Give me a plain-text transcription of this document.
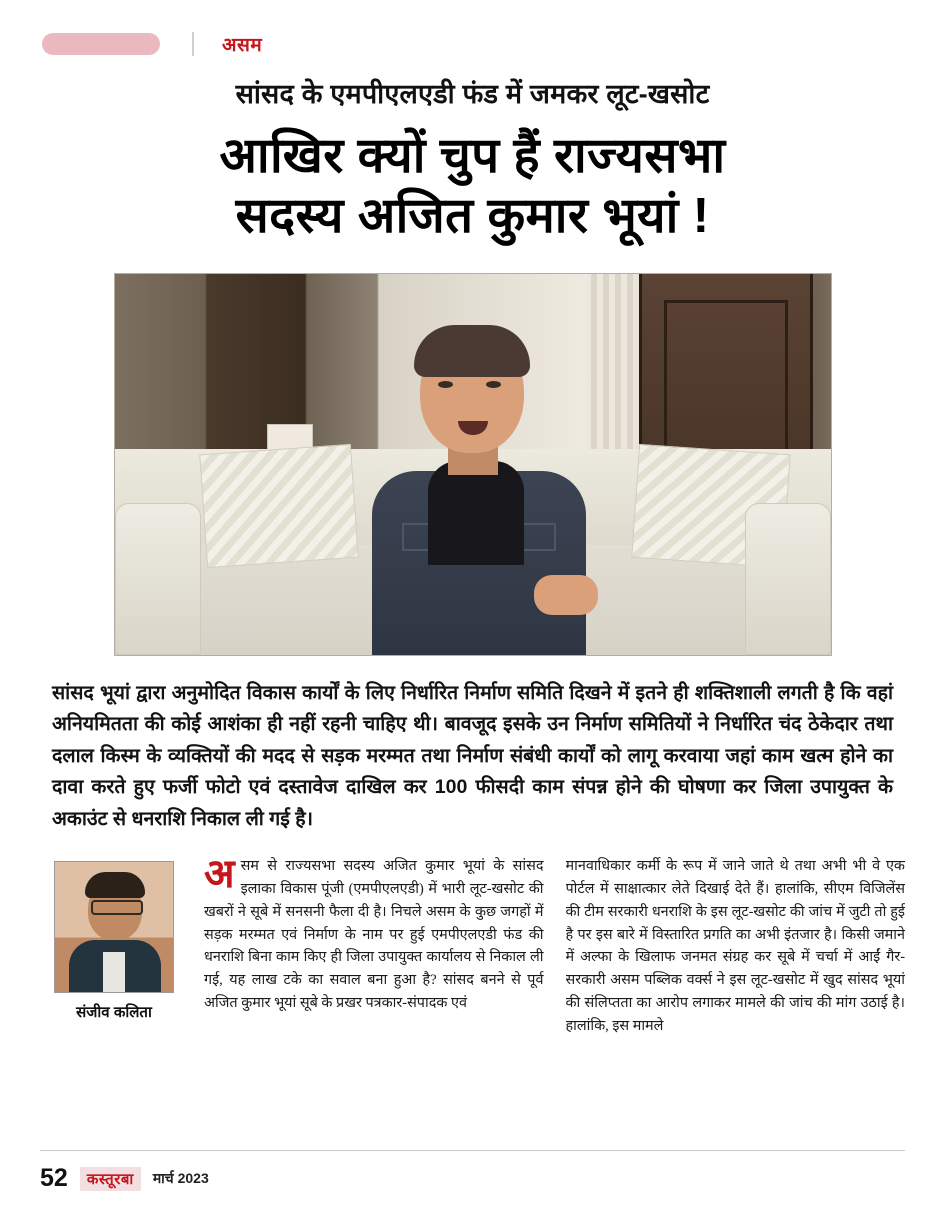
असम
सांसद के एमपीएलएडी फंड में जमकर लूट-खसोट
आखिर क्यों चुप हैं राज्यसभा
सदस्य अजित कुमार भूयां !
सांसद भूयां द्वारा अनुमोदित विकास कार्यों के लिए निर्धारित निर्माण समिति दिखने में इतने ही शक्तिशाली लगती है कि वहां अनियमितता की कोई आशंका ही नहीं रहनी चाहिए थी। बावजूद इसके उन निर्माण समितियों ने निर्धारित चंद ठेकेदार तथा दलाल किस्म के व्यक्तियों की मदद से सड़क मरम्मत तथा निर्माण संबंधी कार्यों को लागू करवाया जहां काम खत्म होने का दावा करते हुए फर्जी फोटो एवं दस्तावेज दाखिल कर 100 फीसदी काम संपन्न होने की घोषणा कर जिला उपायुक्त के अकाउंट से धनराशि निकाल ली गई है।
संजीव कलिता
असम से राज्यसभा सदस्य अजित कुमार भूयां के सांसद इलाका विकास पूंजी (एमपीएलएडी) में भारी लूट-खसोट की खबरों ने सूबे में सनसनी फैला दी है। निचले असम के कुछ जगहों में सड़क मरम्मत एवं निर्माण के नाम पर हुई एमपीएलएडी फंड की धनराशि बिना काम किए ही जिला उपायुक्त कार्यालय से निकाल ली गई, यह लाख टके का सवाल बना हुआ है? सांसद बनने से पूर्व अजित कुमार भूयां सूबे के प्रखर पत्रकार-संपादक एवं
मानवाधिकार कर्मी के रूप में जाने जाते थे तथा अभी भी वे एक पोर्टल में साक्षात्कार लेते दिखाई देते हैं। हालांकि, सीएम विजिलेंस की टीम सरकारी धनराशि के इस लूट-खसोट की जांच में जुटी तो हुई है पर इस बारे में विस्तारित प्रगति का अभी इंतजार है। किसी जमाने में अल्फा के खिलाफ जनमत संग्रह कर सूबे में चर्चा में आईं गैर-सरकारी असम पब्लिक वर्क्स ने इस लूट-खसोट में खुद सांसद भूयां की संलिप्तता का आरोप लगाकर मामले की जांच की मांग उठाई है। हालांकि, इस मामले
52	कस्तूरबा	मार्च 2023
